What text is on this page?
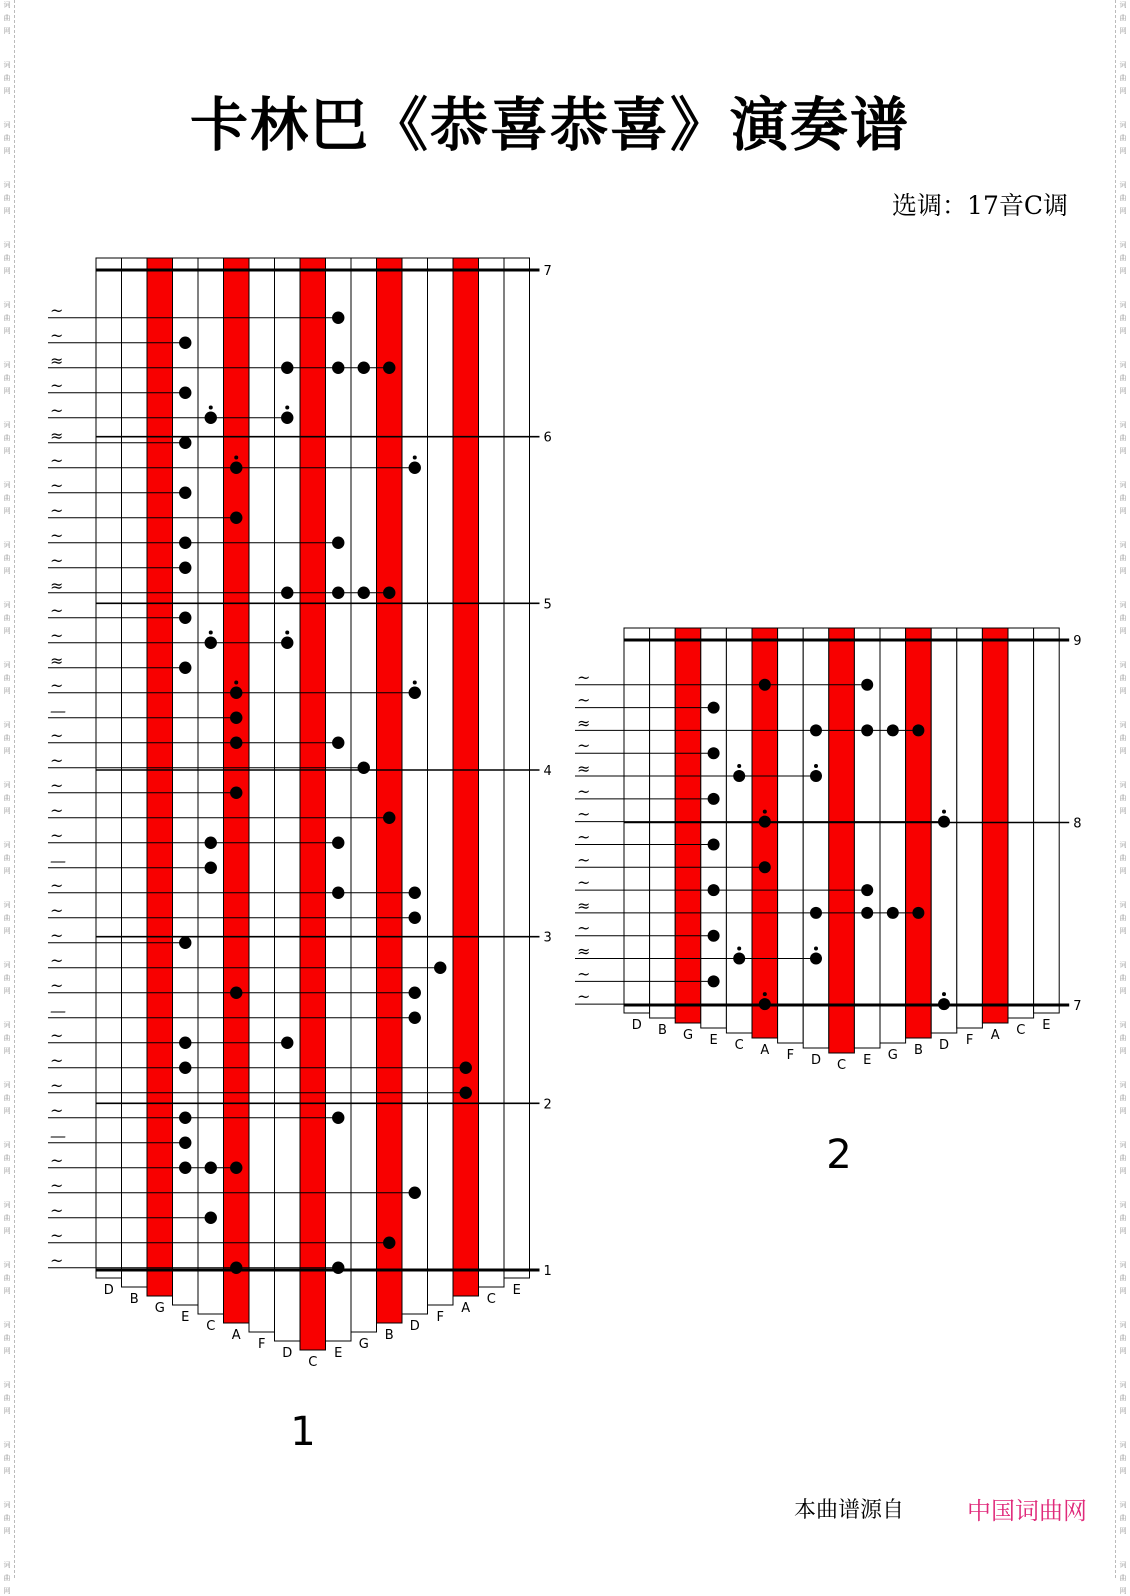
词
曲
网
词
曲
网
词
曲
网
词
曲
网
词
曲
网
词
曲
网
词
曲
网
词
曲
网
词
曲
网
词
曲
网
词
曲
网
词
曲
网
词
曲
网
词
曲
网
词
曲
网
词
曲
网
词
曲
网
词
曲
网
词
曲
网
词
曲
网
词
曲
网
词
曲
网
词
曲
网
词
曲
网
词
曲
网
词
曲
网
词
曲
网
词
曲
网
词
曲
网
词
曲
网
词
曲
网
词
曲
网
词
曲
网
词
曲
网
词
曲
网
词
曲
网
词
曲
网
词
曲
网
词
曲
网
词
曲
网
词
曲
网
词
曲
网
词
曲
网
词
曲
网
词
曲
网
词
曲
网
词
曲
网
词
曲
网
词
曲
网
词
曲
网
词
曲
网
词
曲
网
词
曲
网
词
曲
网
卡林巴《恭喜恭喜》演奏谱
选调：17音C调
D
B
G
E
C
A
F
D
C
E
G
B
D
F
A
C
E
7
6
5
4
3
2
1
~
~
≈
~
~
≈
~
~
~
~
~
≈
~
~
≈
~
—
~
~
~
~
~
—
~
~
~
~
~
—
~
~
~
~
—
~
~
~
~
~
1
D B G E C A F D C E G B D F A C E
9
8
7
~
~
≈
~
≈
~
~
~
~
~
≈
~
≈
~
~
2
本曲谱源自	中国词曲网
